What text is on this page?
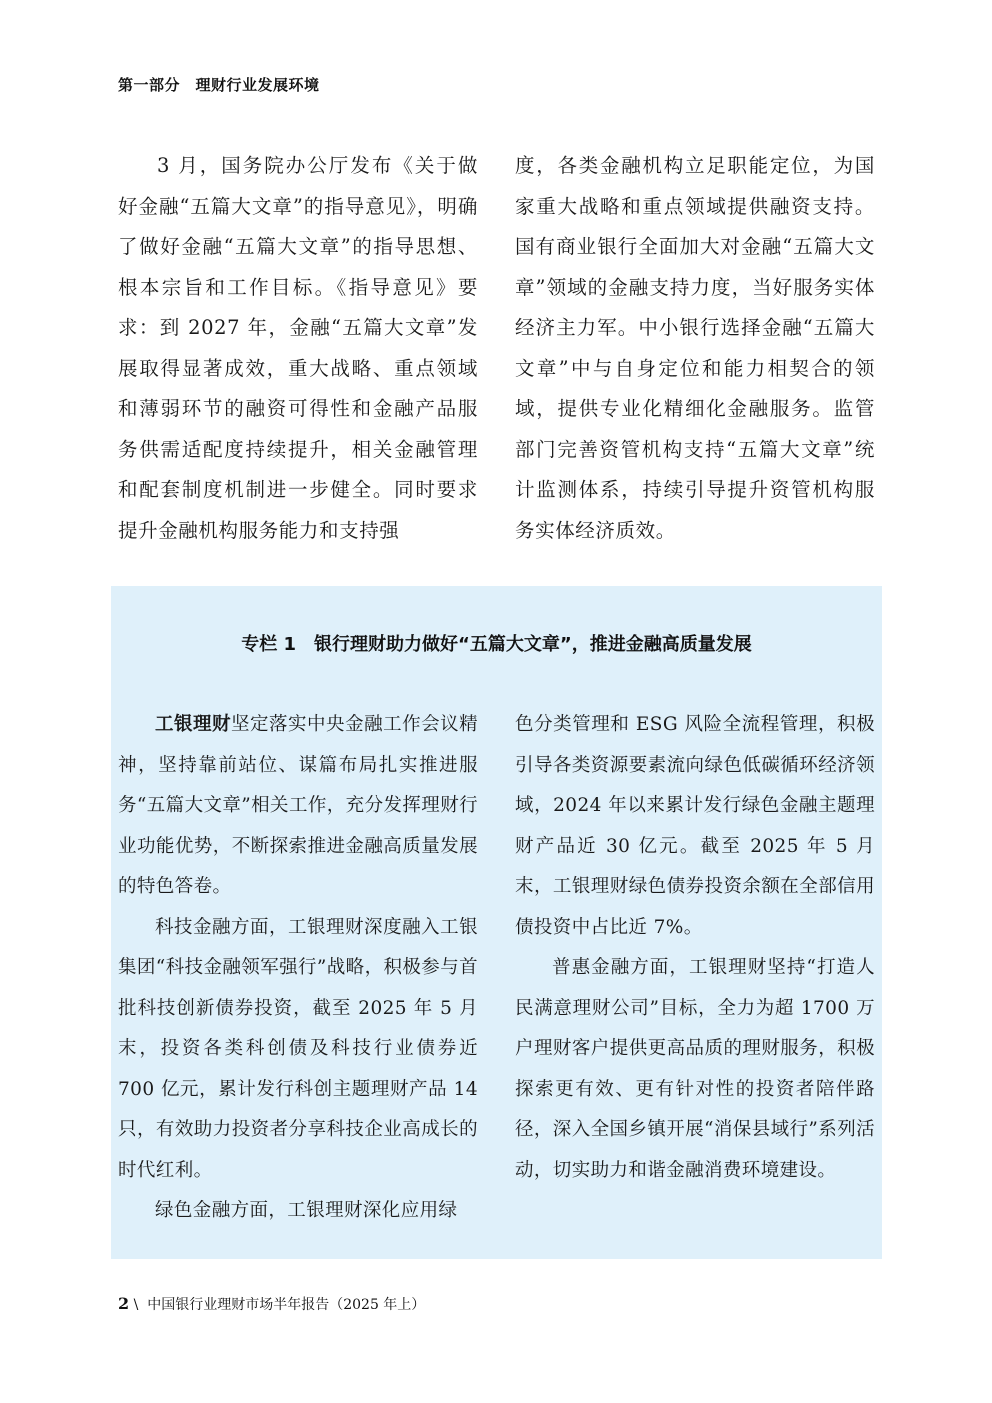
第一部分　理财行业发展环境

3 月，国务院办公厅发布《关于做好金融“五篇大文章”的指导意见》，明确了做好金融“五篇大文章”的指导思想、根本宗旨和工作目标。《指导意见》要求：到 2027 年，金融“五篇大文章”发展取得显著成效，重大战略、重点领域和薄弱环节的融资可得性和金融产品服务供需适配度持续提升，相关金融管理和配套制度机制进一步健全。同时要求提升金融机构服务能力和支持强

度，各类金融机构立足职能定位，为国家重大战略和重点领域提供融资支持。国有商业银行全面加大对金融“五篇大文章”领域的金融支持力度，当好服务实体经济主力军。中小银行选择金融“五篇大文章”中与自身定位和能力相契合的领域，提供专业化精细化金融服务。监管部门完善资管机构支持“五篇大文章”统计监测体系，持续引导提升资管机构服务实体经济质效。

专栏 1　银行理财助力做好“五篇大文章”，推进金融高质量发展

工银理财坚定落实中央金融工作会议精神，坚持靠前站位、谋篇布局扎实推进服务“五篇大文章”相关工作，充分发挥理财行业功能优势，不断探索推进金融高质量发展的特色答卷。

科技金融方面，工银理财深度融入工银集团“科技金融领军强行”战略，积极参与首批科技创新债券投资，截至 2025 年 5 月末，投资各类科创债及科技行业债券近 700 亿元，累计发行科创主题理财产品 14 只，有效助力投资者分享科技企业高成长的时代红利。

绿色金融方面，工银理财深化应用绿

色分类管理和 ESG 风险全流程管理，积极引导各类资源要素流向绿色低碳循环经济领域，2024 年以来累计发行绿色金融主题理财产品近 30 亿元。截至 2025 年 5 月末，工银理财绿色债券投资余额在全部信用债投资中占比近 7%。

普惠金融方面，工银理财坚持“打造人民满意理财公司”目标，全力为超 1700 万户理财客户提供更高品质的理财服务，积极探索更有效、更有针对性的投资者陪伴路径，深入全国乡镇开展“消保县域行”系列活动，切实助力和谐金融消费环境建设。

2 \ 中国银行业理财市场半年报告（2025 年上）
